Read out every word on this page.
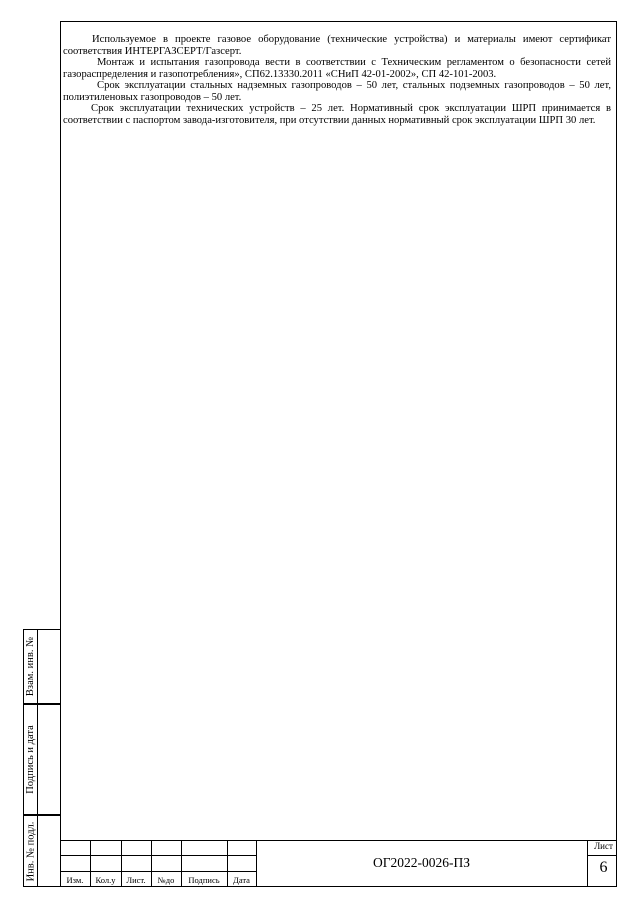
Используемое в проекте газовое оборудование (технические устройства) и материалы имеют сертификат соответствия ИНТЕРГАЗСЕРТ/Газсерт.

Монтаж и испытания газопровода вести в соответствии с Техническим регламентом о безопасности сетей газораспределения и газопотребления», СП62.13330.2011 «СНиП 42-01-2002», СП 42-101-2003.

Срок эксплуатации стальных надземных газопроводов – 50 лет, стальных подземных газопроводов – 50 лет, полиэтиленовых газопроводов – 50 лет.

Срок эксплуатации технических устройств – 25 лет. Нормативный срок эксплуатации ШРП принимается в соответствии с паспортом завода-изготовителя, при отсутствии данных нормативный срок эксплуатации ШРП 30 лет.

Взам. инв. №
Подпись и дата
Инв. № подл.	Изм.	Кол.у	Лист.	№до	Подпись	Дата
ОГ2022-0026-ПЗ
Лист
6
